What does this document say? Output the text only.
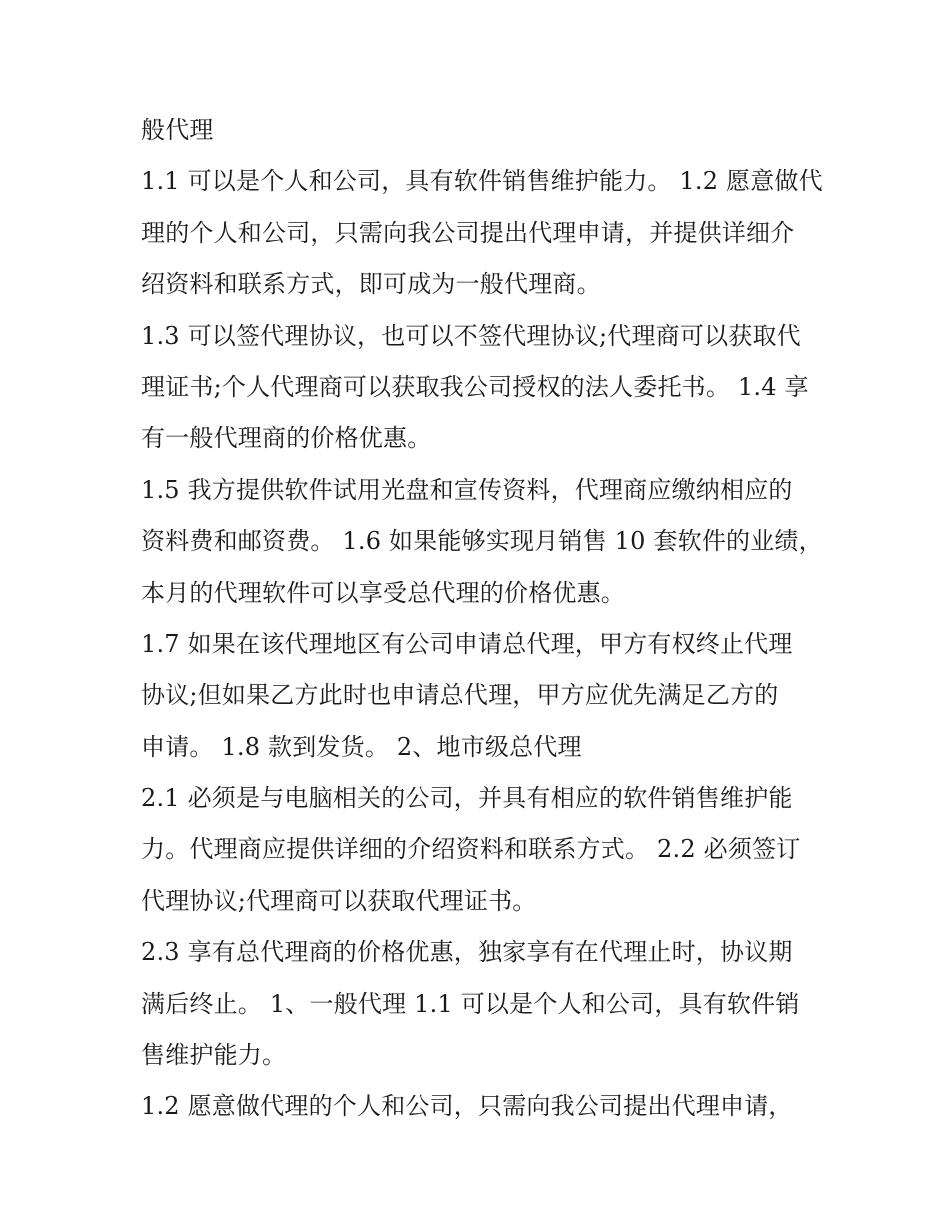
般代理
1.1 可以是个人和公司，具有软件销售维护能力。 1.2 愿意做代
理的个人和公司，只需向我公司提出代理申请，并提供详细介
绍资料和联系方式，即可成为一般代理商。
1.3 可以签代理协议，也可以不签代理协议;代理商可以获取代
理证书;个人代理商可以获取我公司授权的法人委托书。 1.4 享
有一般代理商的价格优惠。
1.5 我方提供软件试用光盘和宣传资料，代理商应缴纳相应的
资料费和邮资费。 1.6 如果能够实现月销售 10 套软件的业绩，
本月的代理软件可以享受总代理的价格优惠。
1.7 如果在该代理地区有公司申请总代理，甲方有权终止代理
协议;但如果乙方此时也申请总代理，甲方应优先满足乙方的
申请。 1.8 款到发货。 2、地市级总代理
2.1 必须是与电脑相关的公司，并具有相应的软件销售维护能
力。代理商应提供详细的介绍资料和联系方式。 2.2 必须签订
代理协议;代理商可以获取代理证书。
2.3 享有总代理商的价格优惠，独家享有在代理止时，协议期
满后终止。 1、一般代理 1.1 可以是个人和公司，具有软件销
售维护能力。
1.2 愿意做代理的个人和公司，只需向我公司提出代理申请，
